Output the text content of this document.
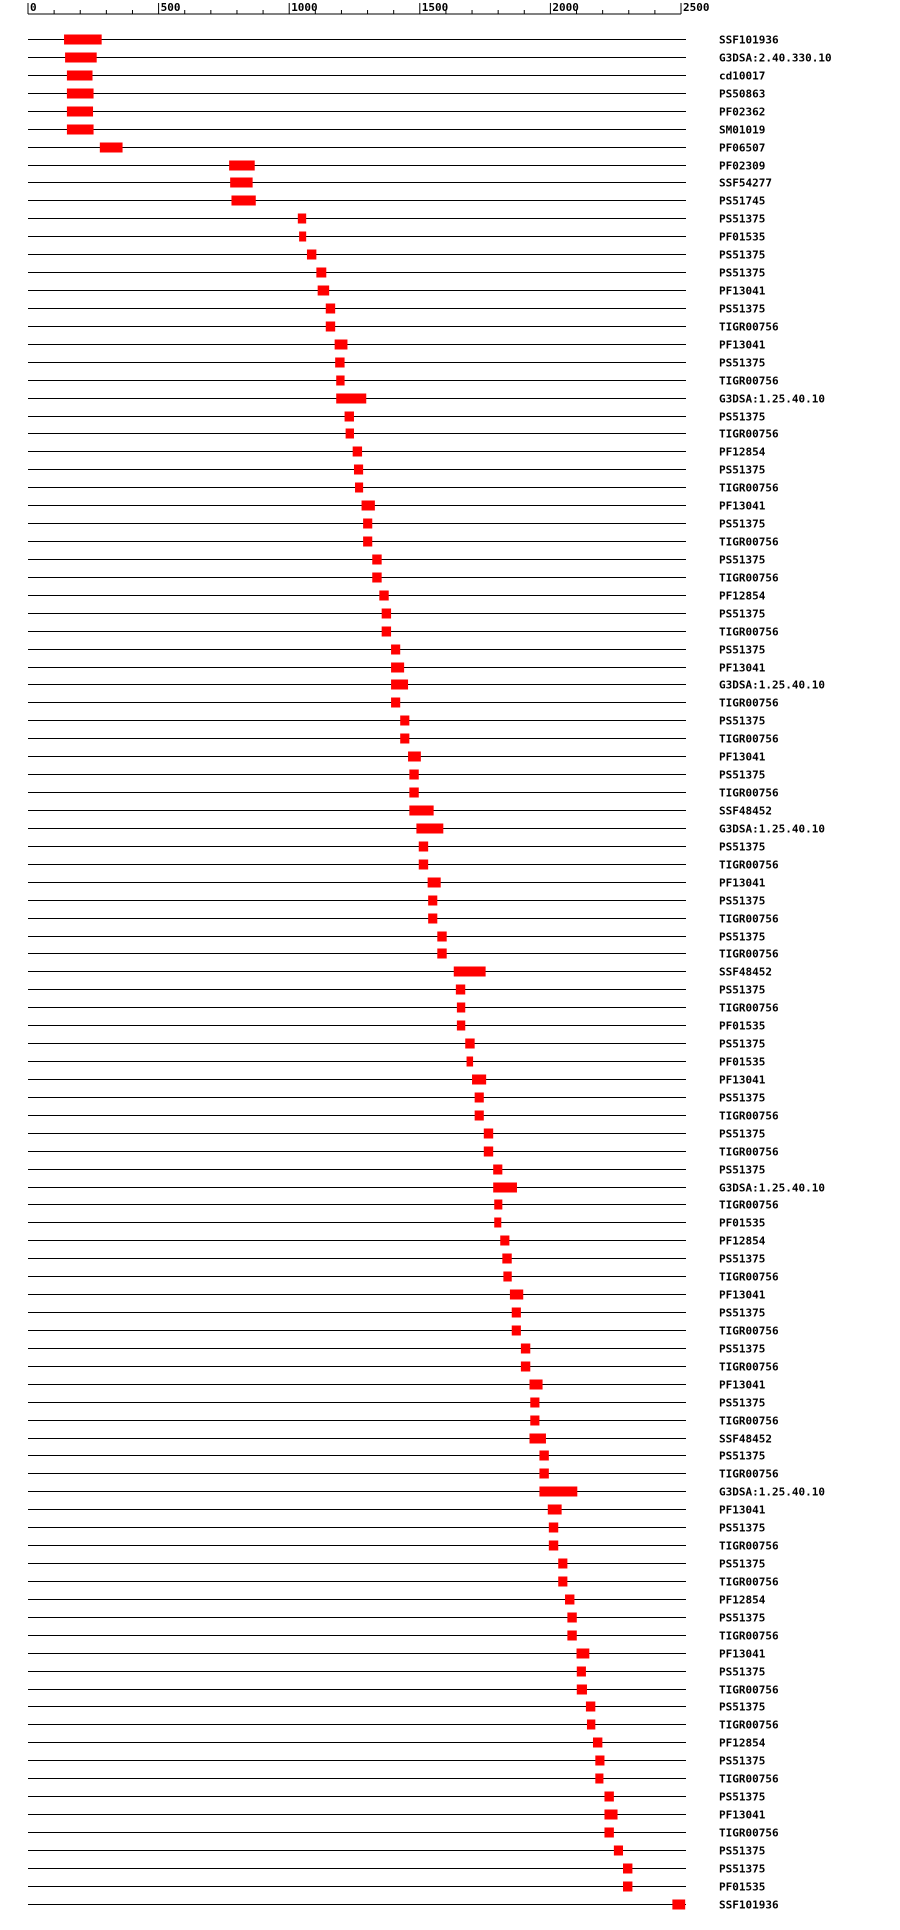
0	500	1000	1500	2000	2500
SSF101936
G3DSA:2.40.330.10
cd10017
PS50863
PF02362
SM01019
PF06507
PF02309
SSF54277
PS51745
PS51375
PF01535
PS51375
PS51375
PF13041
PS51375
TIGR00756
PF13041
PS51375
TIGR00756
G3DSA:1.25.40.10
PS51375
TIGR00756
PF12854
PS51375
TIGR00756
PF13041
PS51375
TIGR00756
PS51375
TIGR00756
PF12854
PS51375
TIGR00756
PS51375
PF13041
G3DSA:1.25.40.10
TIGR00756
PS51375
TIGR00756
PF13041
PS51375
TIGR00756
SSF48452
G3DSA:1.25.40.10
PS51375
TIGR00756
PF13041
PS51375
TIGR00756
PS51375
TIGR00756
SSF48452
PS51375
TIGR00756
PF01535
PS51375
PF01535
PF13041
PS51375
TIGR00756
PS51375
TIGR00756
PS51375
G3DSA:1.25.40.10
TIGR00756
PF01535
PF12854
PS51375
TIGR00756
PF13041
PS51375
TIGR00756
PS51375
TIGR00756
PF13041
PS51375
TIGR00756
SSF48452
PS51375
TIGR00756
G3DSA:1.25.40.10
PF13041
PS51375
TIGR00756
PS51375
TIGR00756
PF12854
PS51375
TIGR00756
PF13041
PS51375
TIGR00756
PS51375
TIGR00756
PF12854
PS51375
TIGR00756
PS51375
PF13041
TIGR00756
PS51375
PS51375
PF01535
SSF101936
